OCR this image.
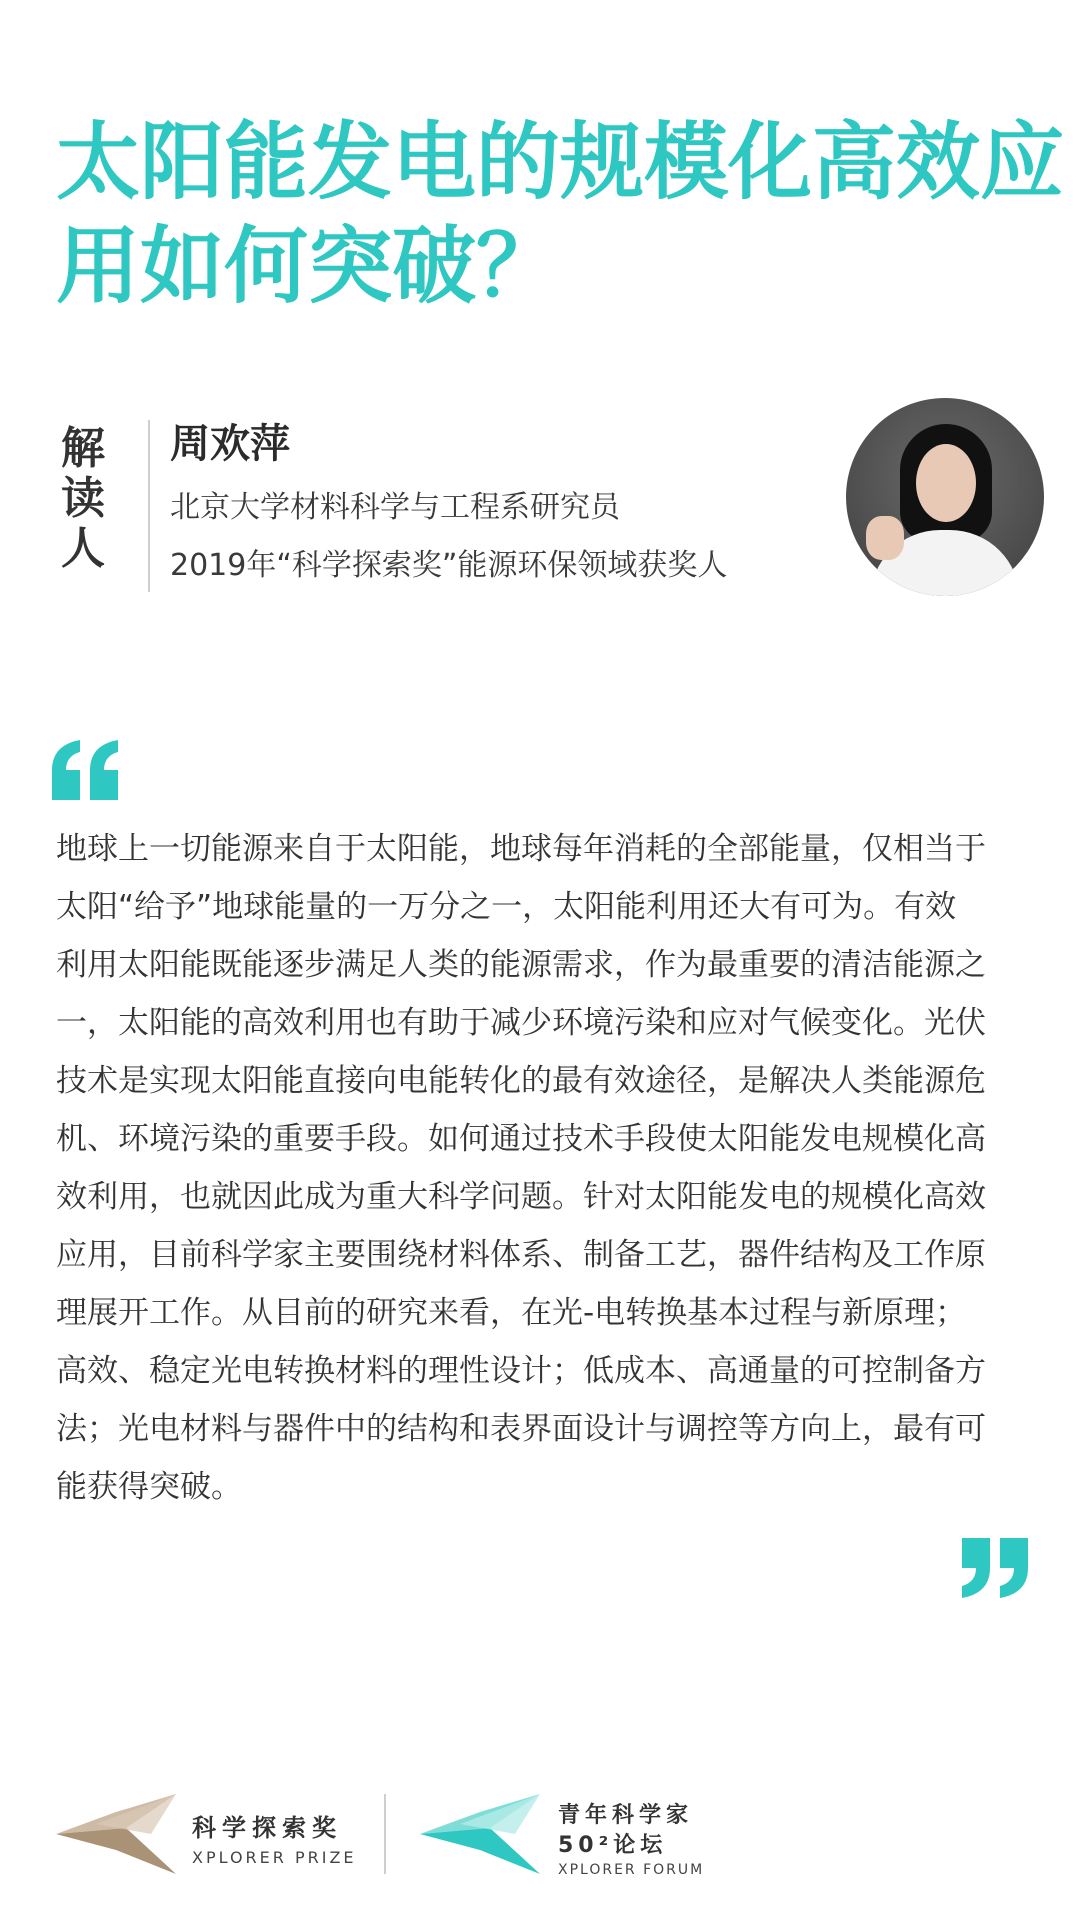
太阳能发电的规模化高效应
用如何突破？
解
读
人
周欢萍
北京大学材料科学与工程系研究员
2019年“科学探索奖”能源环保领域获奖人
地球上一切能源来自于太阳能，地球每年消耗的全部能量，仅相当于
太阳“给予”地球能量的一万分之一，太阳能利用还大有可为。有效
利用太阳能既能逐步满足人类的能源需求，作为最重要的清洁能源之
一，太阳能的高效利用也有助于减少环境污染和应对气候变化。光伏
技术是实现太阳能直接向电能转化的最有效途径，是解决人类能源危
机、环境污染的重要手段。如何通过技术手段使太阳能发电规模化高
效利用，也就因此成为重大科学问题。针对太阳能发电的规模化高效
应用，目前科学家主要围绕材料体系、制备工艺，器件结构及工作原
理展开工作。从目前的研究来看，在光-电转换基本过程与新原理；
高效、稳定光电转换材料的理性设计；低成本、高通量的可控制备方
法；光电材料与器件中的结构和表界面设计与调控等方向上，最有可
能获得突破。
科学探索奖
XPLORER PRIZE
青年科学家
50²论坛
XPLORER FORUM
